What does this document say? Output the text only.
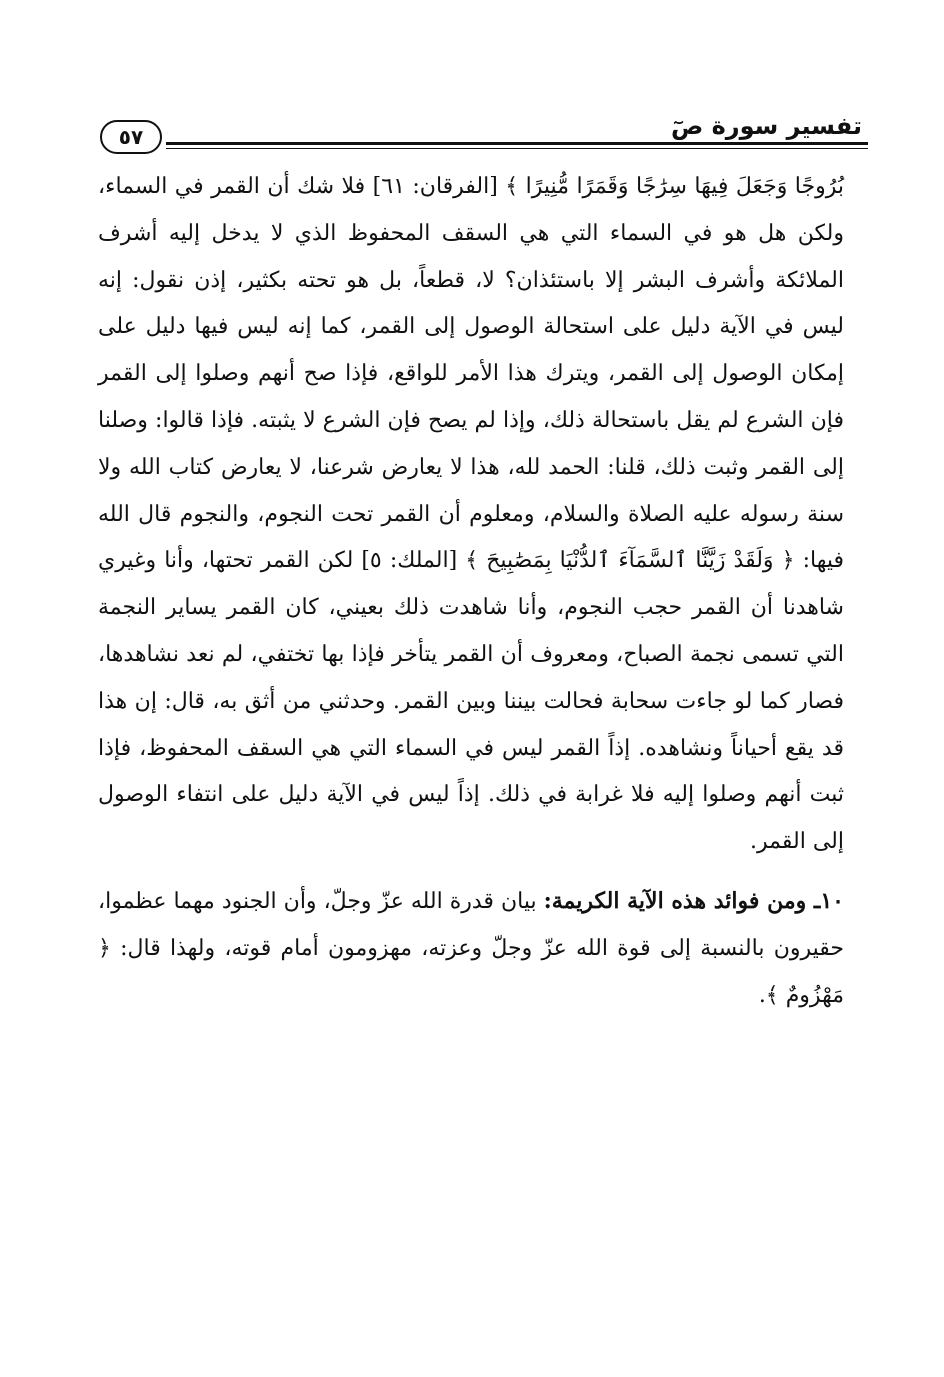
تفسير سورة صٓ
٥٧

بُرُوجًا وَجَعَلَ فِيهَا سِرَٰجًا وَقَمَرًا مُّنِيرًا ﴾ [الفرقان: ٦١] فلا شك أن القمر في السماء، ولكن هل هو في السماء التي هي السقف المحفوظ الذي لا يدخل إليه أشرف الملائكة وأشرف البشر إلا باستئذان؟ لا، قطعاً، بل هو تحته بكثير، إذن نقول: إنه ليس في الآية دليل على استحالة الوصول إلى القمر، كما إنه ليس فيها دليل على إمكان الوصول إلى القمر، ويترك هذا الأمر للواقع، فإذا صح أنهم وصلوا إلى القمر فإن الشرع لم يقل باستحالة ذلك، وإذا لم يصح فإن الشرع لا يثبته. فإذا قالوا: وصلنا إلى القمر وثبت ذلك، قلنا: الحمد لله، هذا لا يعارض شرعنا، لا يعارض كتاب الله ولا سنة رسوله عليه الصلاة والسلام، ومعلوم أن القمر تحت النجوم، والنجوم قال الله فيها: ﴿ وَلَقَدْ زَيَّنَّا ٱلسَّمَآءَ ٱلدُّنْيَا بِمَصَٰبِيحَ ﴾ [الملك: ٥] لكن القمر تحتها، وأنا وغيري شاهدنا أن القمر حجب النجوم، وأنا شاهدت ذلك بعيني، كان القمر يساير النجمة التي تسمى نجمة الصباح، ومعروف أن القمر يتأخر فإذا بها تختفي، لم نعد نشاهدها، فصار كما لو جاءت سحابة فحالت بيننا وبين القمر. وحدثني من أثق به، قال: إن هذا قد يقع أحياناً ونشاهده. إذاً القمر ليس في السماء التي هي السقف المحفوظ، فإذا ثبت أنهم وصلوا إليه فلا غرابة في ذلك. إذاً ليس في الآية دليل على انتفاء الوصول إلى القمر.

١٠ـ ومن فوائد هذه الآية الكريمة: بيان قدرة الله عزّ وجلّ، وأن الجنود مهما عظموا، حقيرون بالنسبة إلى قوة الله عزّ وجلّ وعزته، مهزومون أمام قوته، ولهذا قال: ﴿ مَهْزُومٌ ﴾.
